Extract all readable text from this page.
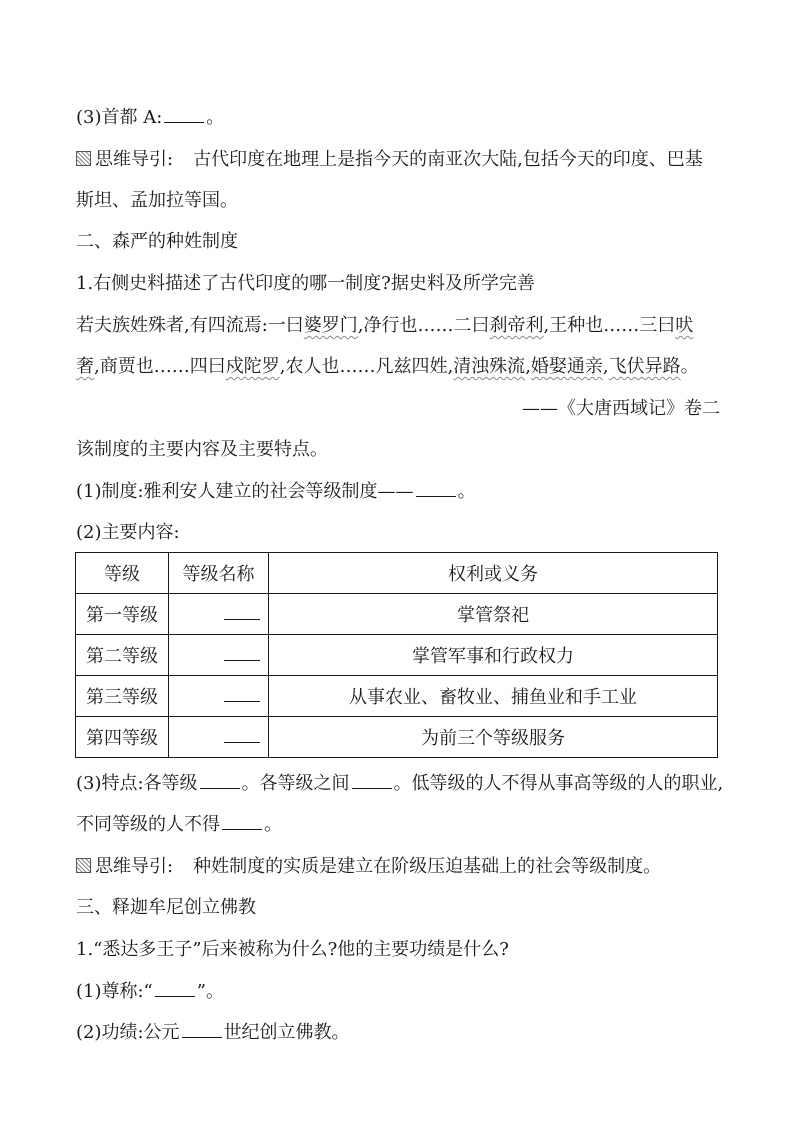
(3)首都 A: 。
思维导引: 古代印度在地理上是指今天的南亚次大陆,包括今天的印度、巴基
斯坦、孟加拉等国。
二、森严的种姓制度
1.右侧史料描述了古代印度的哪一制度?据史料及所学完善
若夫族姓殊者,有四流焉:一曰婆罗门,净行也……二曰刹帝利,王种也……三曰吠
奢,商贾也……四曰戍陀罗,农人也……凡兹四姓,清浊殊流,婚娶通亲,飞伏异路。
——《大唐西域记》卷二
该制度的主要内容及主要特点。
(1)制度:雅利安人建立的社会等级制度—— 。
(2)主要内容:
等级	等级名称	权利或义务
第一等级		掌管祭祀
第二等级		掌管军事和行政权力
第三等级		从事农业、畜牧业、捕鱼业和手工业
第四等级		为前三个等级服务
(3)特点:各等级 。各等级之间 。低等级的人不得从事高等级的人的职业,
不同等级的人不得 。
思维导引: 种姓制度的实质是建立在阶级压迫基础上的社会等级制度。
三、释迦牟尼创立佛教
1.“悉达多王子”后来被称为什么?他的主要功绩是什么?
(1)尊称:“ ”。
(2)功绩:公元 世纪创立佛教。
